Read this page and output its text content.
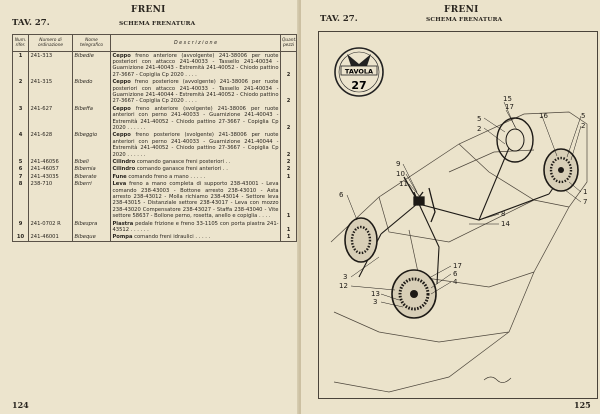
FRENI
TAV. 27.	SCHEMA FRENATURA
Num. rifer.	Numero di ordinazione	Nome telegrafico	D e s c r i z i o n e	Quant. pezzi
1	241-313	Bibedie	Ceppo freno anteriore (avvolgente) 241-38006 per ruote posteriori con attacco 241-40033 - Tassello 241-40034 - Guarnizione 241-40043 - Estremità 241-40052 - Chiodo pattino 27-3667 - Copiglia Cp 2020 . . . .	2
2	241-315	Bibedo	Ceppo freno posteriore (avvolgente) 241-38006 per ruote posteriori con attacco 241-40033 - Tassello 241-40034 - Guarnizione 241-40044 - Estremità 241-40052 - Chiodo pattino 27-3667 - Copiglia Cp 2020 . . . .	2
3	241-627	Bibeffa	Ceppo freno anteriore (svolgente) 241-38006 per ruote anteriori con perno 241-40033 - Guarnizione 241-40043 - Estremità 241-40052 - Chiodo pattino 27-3667 - Copiglia Cp 2020 . . . . . .	2
4	241-628	Bibeggio	Ceppo freno posteriore (svolgente) 241-38006 per ruote anteriori con perno 241-40033 - Guarnizione 241-40044 - Estremità 241-40052 - Chiodo pattino 27-3667 - Copiglia Cp 2020 . . . . . .	2
5	241-46056	Bibeli	Cilindro comando ganasce freni posteriori . .	2
6	241-46057	Bibemia	Cilindro comando ganasce freni anteriori . .	2
7	241-43035	Biberate	Fune comando freno a mano . . . . .	1
8	238-710	Biberri	Leva freno a mano completa di supporto 238-43001 - Leva comando 238-43003 - Bottone arresto 238-43010 - Asta arresto 238-43012 - Molla richiamo 238-43014 - Settore leva 238-43015 - Distanziale settore 238-43017 - Leva con mozzo 238-43020 Compensatore 238-43027 - Staffa 238-43040 - Vite settore 58637 - Bollone perno, rosetta, anello e copiglia . . . .	1
9	241-0702 R	Bibespra	Piastra pedale frizione e freno 33-1105 con porta piastra 241-43512 . . . . . .	1
10	241-46001	Bibeque	Pompa comando freni idraulici . . . . .	1
124
FRENI
TAV. 27.	SCHEMA FRENATURA
125
TAVOLA
27
15
17
5
2
16	5
2
9
10
11
6	1
7
8
14
3
12
13
17
6
4
3
